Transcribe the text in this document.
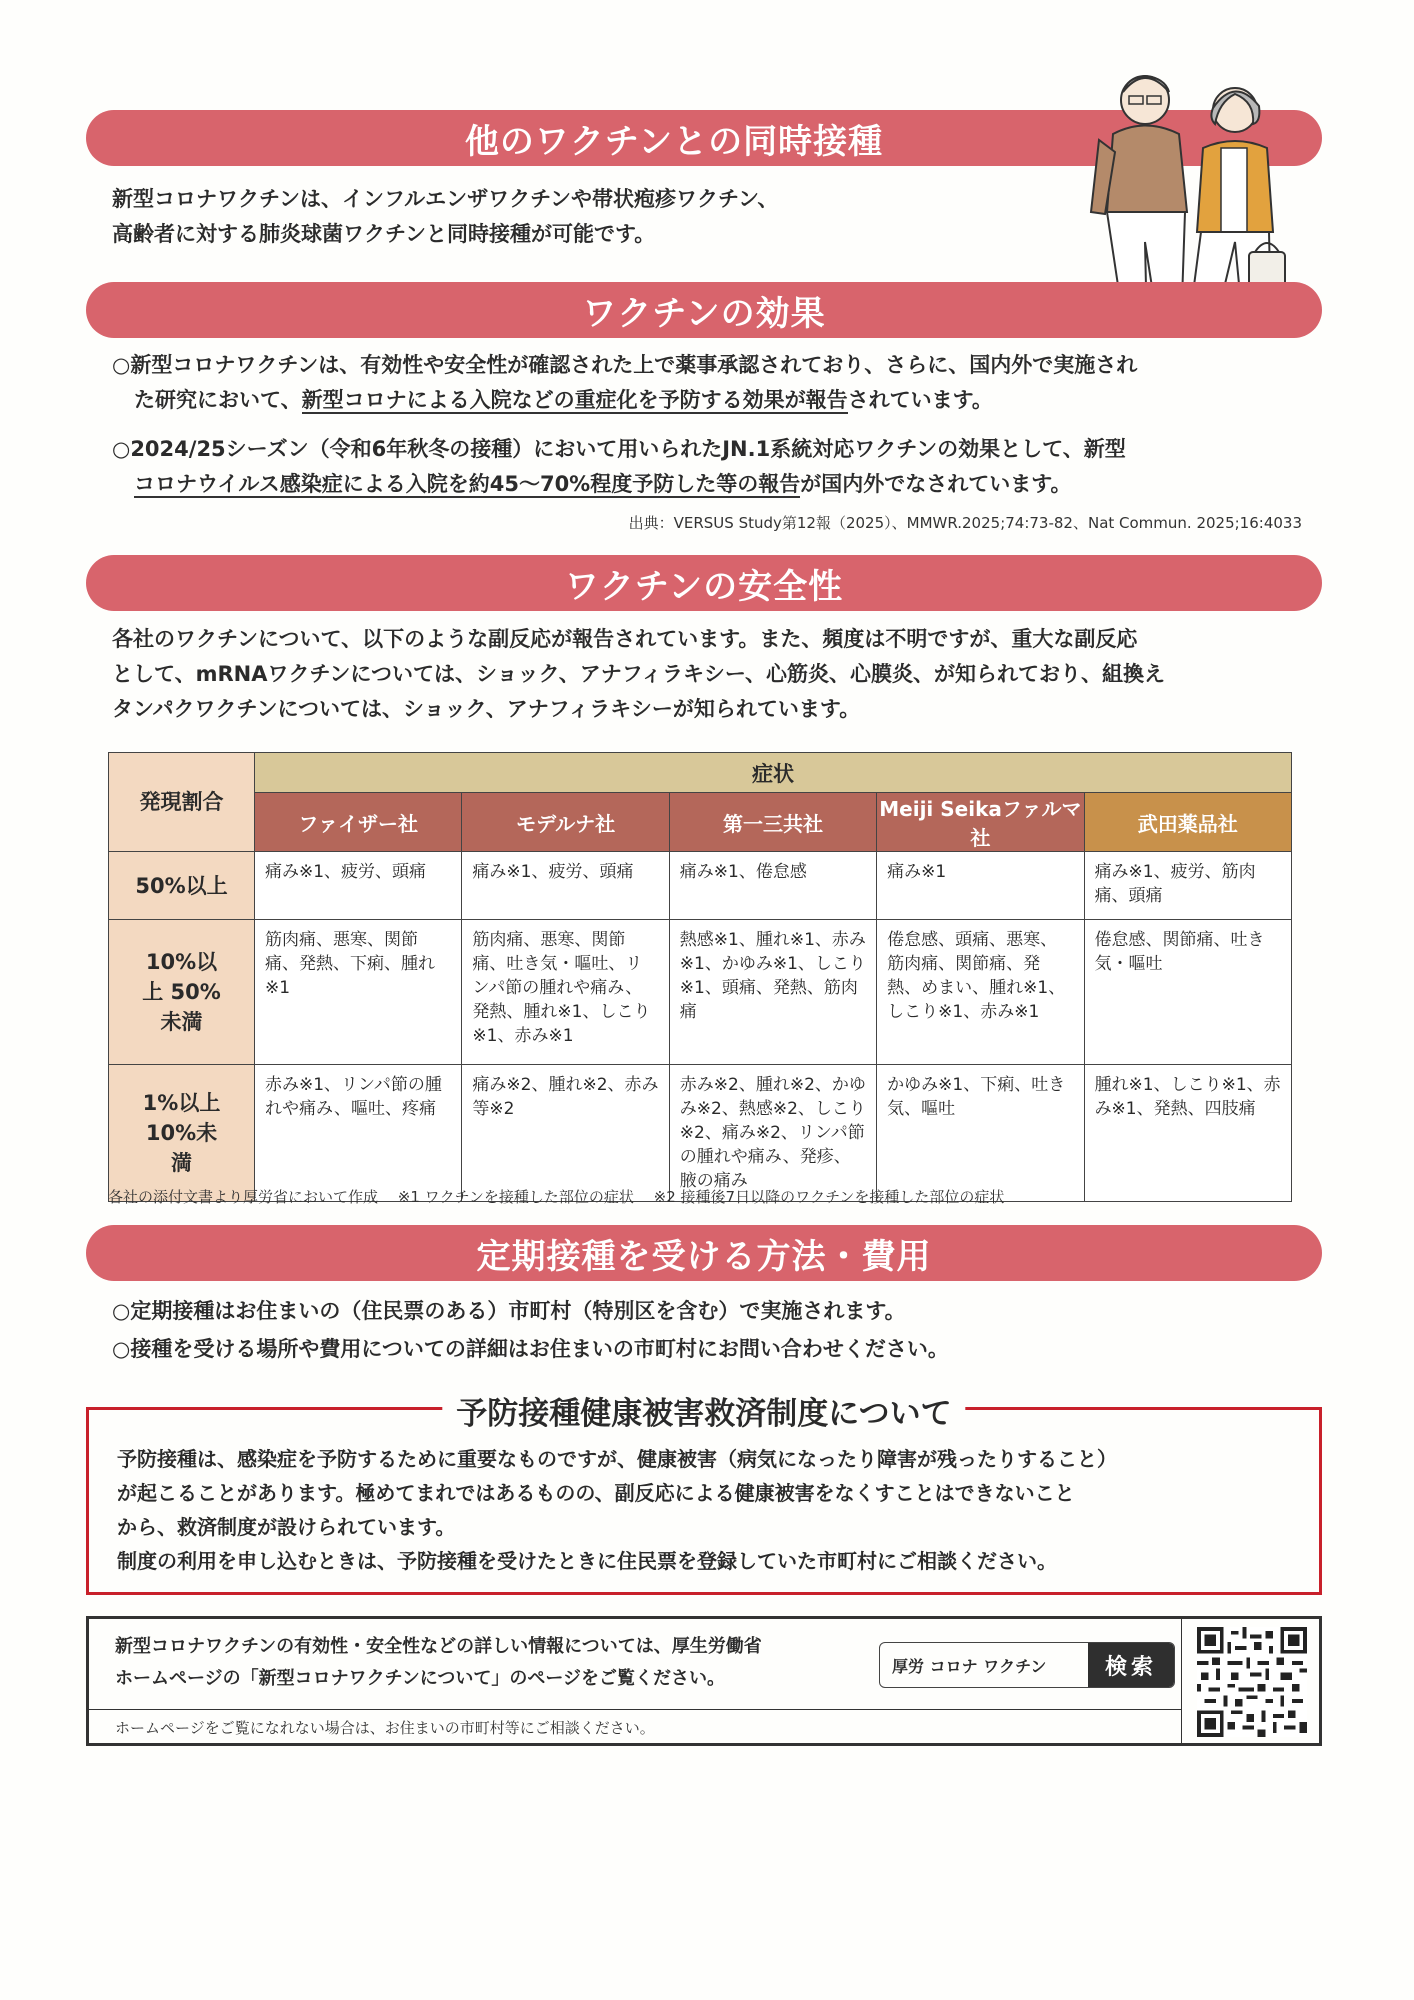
他のワクチンとの同時接種
新型コロナワクチンは、インフルエンザワクチンや帯状疱疹ワクチン、
高齢者に対する肺炎球菌ワクチンと同時接種が可能です。
ワクチンの効果
○新型コロナワクチンは、有効性や安全性が確認された上で薬事承認されており、さらに、国内外で実施され
た研究において、新型コロナによる入院などの重症化を予防する効果が報告されています。
○2024/25シーズン（令和6年秋冬の接種）において用いられたJN.1系統対応ワクチンの効果として、新型
コロナウイルス感染症による入院を約45～70%程度予防した等の報告が国内外でなされています。
出典：VERSUS Study第12報（2025）、MMWR.2025;74:73-82、Nat Commun. 2025;16:4033
ワクチンの安全性
各社のワクチンについて、以下のような副反応が報告されています。また、頻度は不明ですが、重大な副反応
として、mRNAワクチンについては、ショック、アナフィラキシー、心筋炎、心膜炎、が知られており、組換え
タンパクワクチンについては、ショック、アナフィラキシーが知られています。
発現割合	症状				
	ファイザー社	モデルナ社	第一三共社	Meiji Seikaファルマ社	武田薬品社
50%以上	痛み※1、疲労、頭痛	痛み※1、疲労、頭痛	痛み※1、倦怠感	痛み※1	痛み※1、疲労、筋肉痛、頭痛
10%以上 50%未満	筋肉痛、悪寒、関節痛、発熱、下痢、腫れ※1	筋肉痛、悪寒、関節痛、吐き気・嘔吐、リンパ節の腫れや痛み、発熱、腫れ※1、しこり※1、赤み※1	熱感※1、腫れ※1、赤み※1、かゆみ※1、しこり※1、頭痛、発熱、筋肉痛	倦怠感、頭痛、悪寒、筋肉痛、関節痛、発熱、めまい、腫れ※1、しこり※1、赤み※1	倦怠感、関節痛、吐き気・嘔吐
1%以上 10%未満	赤み※1、リンパ節の腫れや痛み、嘔吐、疼痛	痛み※2、腫れ※2、赤み等※2	赤み※2、腫れ※2、かゆみ※2、熱感※2、しこり※2、痛み※2、リンパ節の腫れや痛み、発疹、腋の痛み	かゆみ※1、下痢、吐き気、嘔吐	腫れ※1、しこり※1、赤み※1、発熱、四肢痛
各社の添付文書より厚労省において作成　 ※1 ワクチンを接種した部位の症状　 ※2 接種後7日以降のワクチンを接種した部位の症状
定期接種を受ける方法・費用
○定期接種はお住まいの（住民票のある）市町村（特別区を含む）で実施されます。
○接種を受ける場所や費用についての詳細はお住まいの市町村にお問い合わせください。
予防接種健康被害救済制度について
予防接種は、感染症を予防するために重要なものですが、健康被害（病気になったり障害が残ったりすること）
が起こることがあります。極めてまれではあるものの、副反応による健康被害をなくすことはできないこと
から、救済制度が設けられています。
制度の利用を申し込むときは、予防接種を受けたときに住民票を登録していた市町村にご相談ください。
新型コロナワクチンの有効性・安全性などの詳しい情報については、厚生労働省
ホームページの「新型コロナワクチンについて」のページをご覧ください。
厚労 コロナ ワクチン	検索
ホームページをご覧になれない場合は、お住まいの市町村等にご相談ください。
